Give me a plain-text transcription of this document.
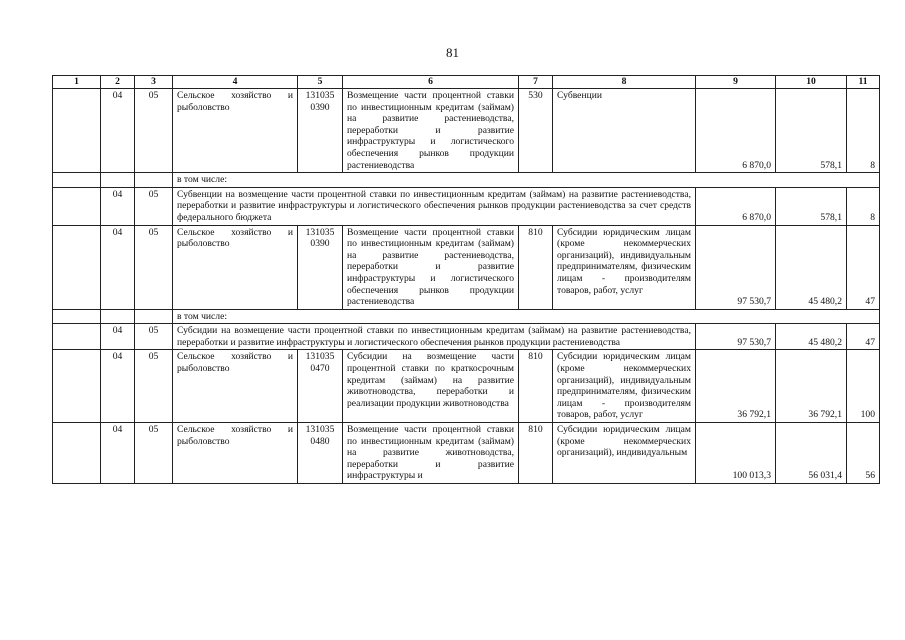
81
1	2	3	4	5	6	7	8	9	10	11
	04	05	Сельское хозяйство и рыболовство	131035 0390	Возмещение части процентной ставки по инвестиционным кредитам (займам) на развитие растениеводства, переработки и развитие инфраструктуры и логистического обеспечения рынков продукции растениеводства	530	Субвенции	6 870,0	578,1	8
			в том числе:							
	04	05	Субвенции на возмещение части процентной ставки по инвестиционным кредитам (займам) на развитие растениеводства, переработки и развитие инфраструктуры и логистического обеспечения рынков продукции растениеводства за счет средств федерального бюджета					6 870,0	578,1	8
	04	05	Сельское хозяйство и рыболовство	131035 0390	Возмещение части процентной ставки по инвестиционным кредитам (займам) на развитие растениеводства, переработки и развитие инфраструктуры и логистического обеспечения рынков продукции растениеводства	810	Субсидии юридическим лицам (кроме некоммерческих организаций), индивидуальным предпринимателям, физическим лицам - производителям товаров, работ, услуг	97 530,7	45 480,2	47
			в том числе:							
	04	05	Субсидии на возмещение части процентной ставки по инвестиционным кредитам (займам) на развитие растениеводства, переработки и развитие инфраструктуры и логистического обеспечения рынков продукции растениеводства					97 530,7	45 480,2	47
	04	05	Сельское хозяйство и рыболовство	131035 0470	Субсидии на возмещение части процентной ставки по краткосрочным кредитам (займам) на развитие животноводства, переработки и реализации продукции животноводства	810	Субсидии юридическим лицам (кроме некоммерческих организаций), индивидуальным предпринимателям, физическим лицам - производителям товаров, работ, услуг	36 792,1	36 792,1	100
	04	05	Сельское хозяйство и рыболовство	131035 0480	Возмещение части процентной ставки по инвестиционным кредитам (займам) на развитие животноводства, переработки и развитие инфраструктуры и	810	Субсидии юридическим лицам (кроме некоммерческих организаций), индивидуальным	100 013,3	56 031,4	56
